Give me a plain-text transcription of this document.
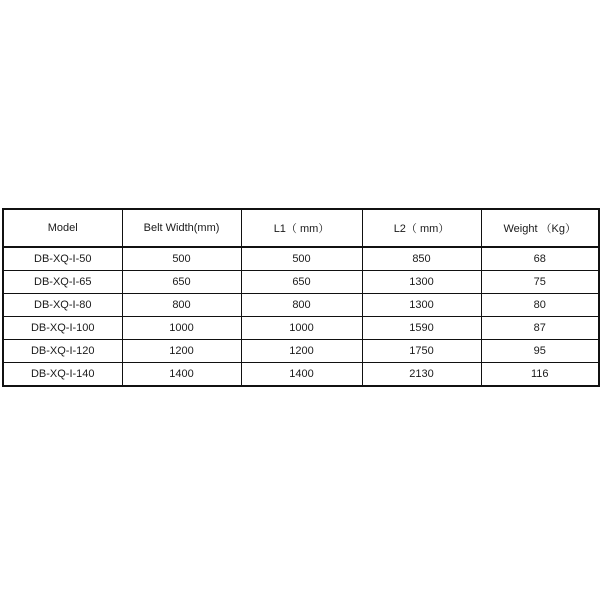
Model	Belt Width(mm)	L1（ mm）	L2（ mm）	Weight （Kg）
DB-XQ-I-50	500	500	850	68
DB-XQ-I-65	650	650	1300	75
DB-XQ-I-80	800	800	1300	80
DB-XQ-I-100	1000	1000	1590	87
DB-XQ-I-120	1200	1200	1750	95
DB-XQ-I-140	1400	1400	2130	116
